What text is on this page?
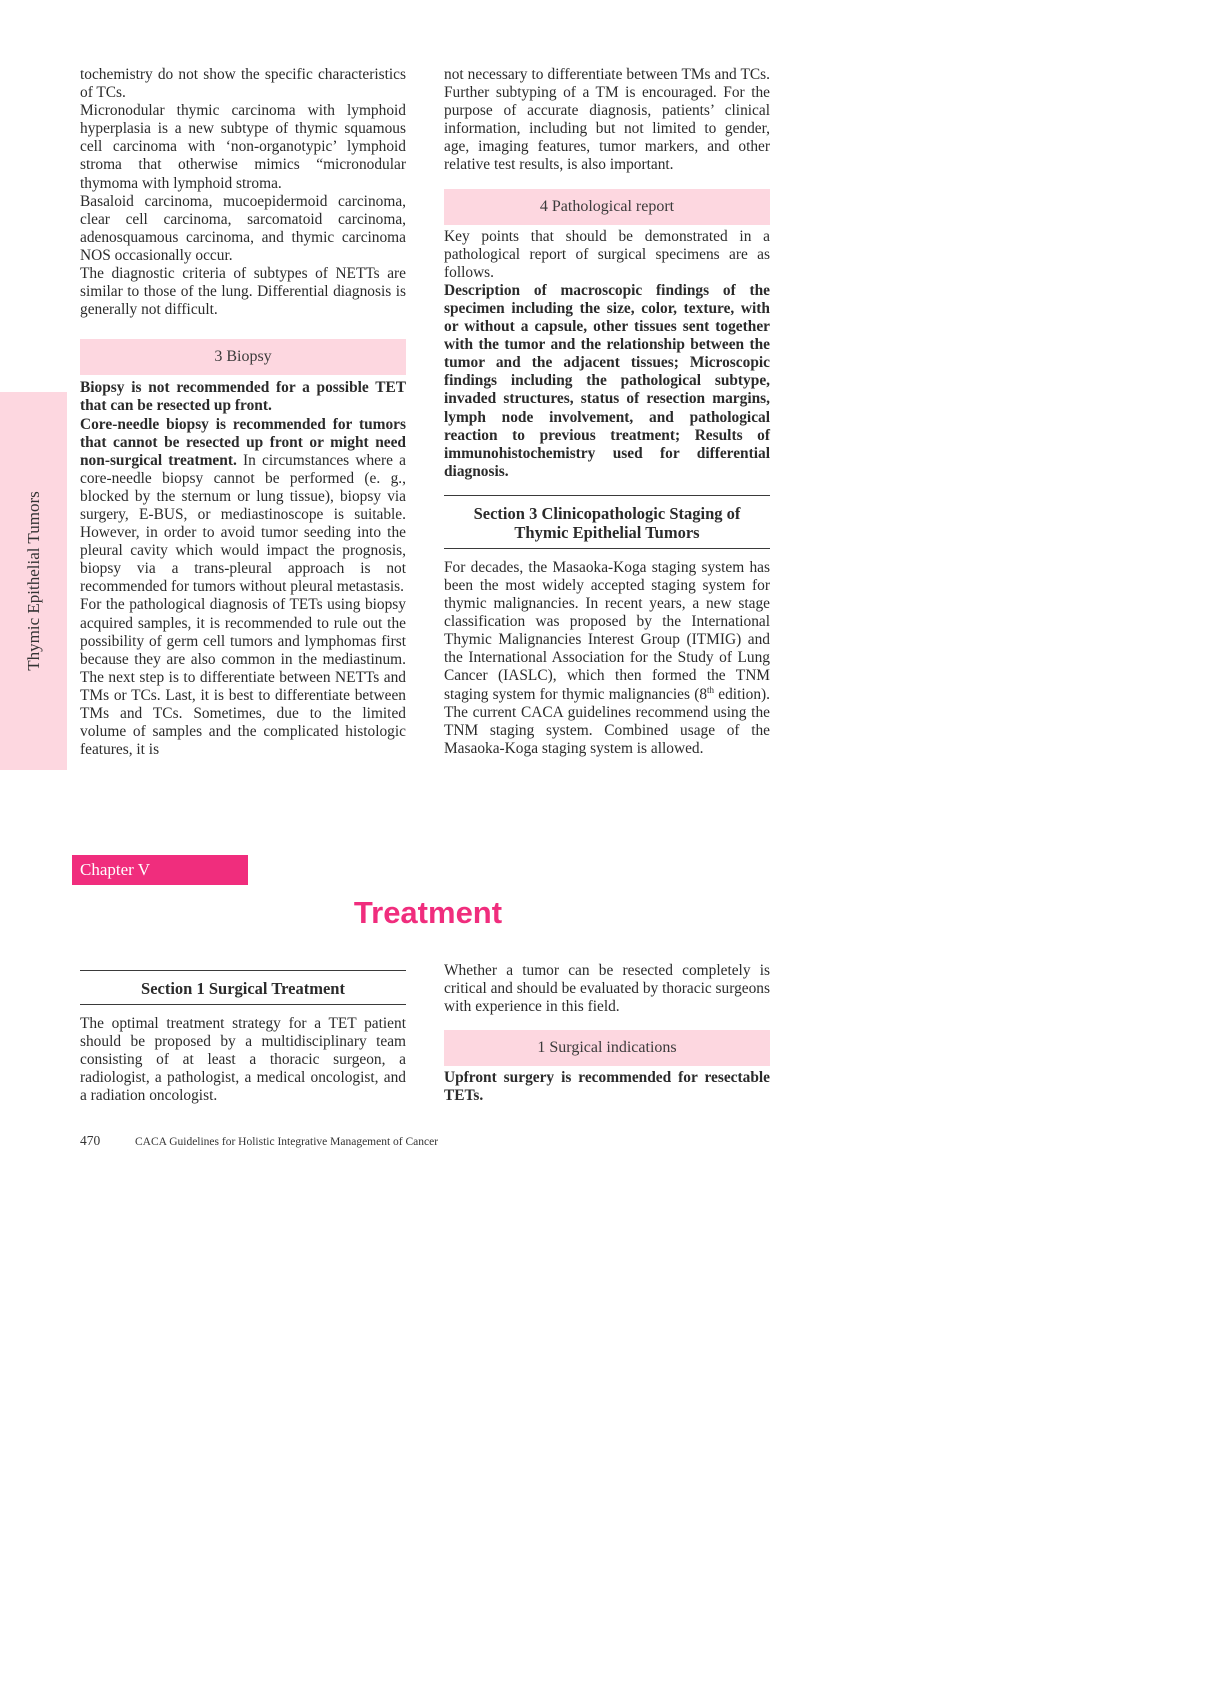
Thymic Epithelial Tumors

tochemistry do not show the specific characteristics of TCs.

Micronodular thymic carcinoma with lymphoid hyperplasia is a new subtype of thymic squamous cell carcinoma with ‘non-organotypic’ lymphoid stroma that otherwise mimics “micronodular thymoma with lymphoid stroma.

Basaloid carcinoma, mucoepidermoid carcinoma, clear cell carcinoma, sarcomatoid carcinoma, adenosquamous carcinoma, and thymic carcinoma NOS occasionally occur.

The diagnostic criteria of subtypes of NETTs are similar to those of the lung. Differential diagnosis is generally not difficult.

3 Biopsy

Biopsy is not recommended for a possible TET that can be resected up front.

Core-needle biopsy is recommended for tumors that cannot be resected up front or might need non-surgical treatment. In circumstances where a core-needle biopsy cannot be performed (e. g., blocked by the sternum or lung tissue), biopsy via surgery, E-BUS, or mediastinoscope is suitable. However, in order to avoid tumor seeding into the pleural cavity which would impact the prognosis, biopsy via a trans-pleural approach is not recommended for tumors without pleural metastasis.

For the pathological diagnosis of TETs using biopsy acquired samples, it is recommended to rule out the possibility of germ cell tumors and lymphomas first because they are also common in the mediastinum. The next step is to differentiate between NETTs and TMs or TCs. Last, it is best to differentiate between TMs and TCs. Sometimes, due to the limited volume of samples and the complicated histologic features, it is

not necessary to differentiate between TMs and TCs. Further subtyping of a TM is encouraged. For the purpose of accurate diagnosis, patients’ clinical information, including but not limited to gender, age, imaging features, tumor markers, and other relative test results, is also important.

4 Pathological report

Key points that should be demonstrated in a pathological report of surgical specimens are as follows.

Description of macroscopic findings of the specimen including the size, color, texture, with or without a capsule, other tissues sent together with the tumor and the relationship between the tumor and the adjacent tissues; Microscopic findings including the pathological subtype, invaded structures, status of resection margins, lymph node involvement, and pathological reaction to previous treatment; Results of immunohistochemistry used for differential diagnosis.

Section 3 Clinicopathologic Staging of
Thymic Epithelial Tumors

For decades, the Masaoka-Koga staging system has been the most widely accepted staging system for thymic malignancies. In recent years, a new stage classification was proposed by the International Thymic Malignancies Interest Group (ITMIG) and the International Association for the Study of Lung Cancer (IASLC), which then formed the TNM staging system for thymic malignancies (8th edition). The current CACA guidelines recommend using the TNM staging system. Combined usage of the Masaoka-Koga staging system is allowed.

Chapter V
Treatment
Section 1 Surgical Treatment

The optimal treatment strategy for a TET patient should be proposed by a multidisciplinary team consisting of at least a thoracic surgeon, a radiologist, a pathologist, a medical oncologist, and a radiation oncologist.

Whether a tumor can be resected completely is critical and should be evaluated by thoracic surgeons with experience in this field.

1 Surgical indications

Upfront surgery is recommended for resectable TETs.

470	CACA Guidelines for Holistic Integrative Management of Cancer
